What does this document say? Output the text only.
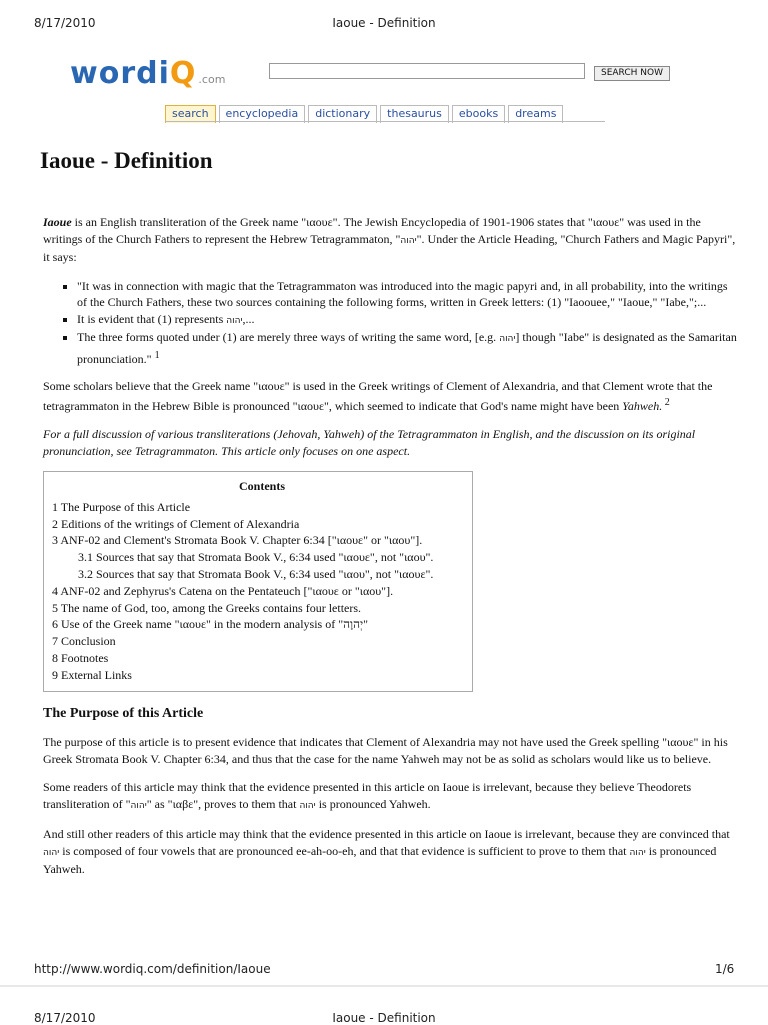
8/17/2010	Iaoue - Definition
wordiQ .com	SEARCH NOW
search	encyclopedia	dictionary	thesaurus	ebooks	dreams
Iaoue - Definition

Iaoue is an English transliteration of the Greek name "ιαουε". The Jewish Encyclopedia of 1901-1906 states that "ιαουε" was used in the writings of the Church Fathers to represent the Hebrew Tetragrammaton, "יהוה". Under the Article Heading, "Church Fathers and Magic Papyri", it says:

▪ "It was in connection with magic that the Tetragrammaton was introduced into the magic papyri and, in all probability, into the writings of the Church Fathers, these two sources containing the following forms, written in Greek letters: (1) "Iaoouee," "Iaoue," "Iabe,";...
▪ It is evident that (1) represents יהוה,...
▪ The three forms quoted under (1) are merely three ways of writing the same word, [e.g. יהוה] though "Iabe" is designated as the Samaritan pronunciation." $^1$

Some scholars believe that the Greek name "ιαουε" is used in the Greek writings of Clement of Alexandria, and that Clement wrote that the tetragrammaton in the Hebrew Bible is pronounced "ιαουε", which seemed to indicate that God's name might have been Yahweh. $^2$

For a full discussion of various transliterations (Jehovah, Yahweh) of the Tetragrammaton in English, and the discussion on its original pronunciation, see Tetragrammaton. This article only focuses on one aspect.

Contents
1 The Purpose of this Article
2 Editions of the writings of Clement of Alexandria
3 ANF-02 and Clement's Stromata Book V. Chapter 6:34 ["ιαουε" or "ιαου"].
3.1 Sources that say that Stromata Book V., 6:34 used "ιαουε", not "ιαου".
3.2 Sources that say that Stromata Book V., 6:34 used "ιαου", not "ιαουε".
4 ANF-02 and Zephyrus's Catena on the Pentateuch ["ιαουε or "ιαου"].
5 The name of God, too, among the Greeks contains four letters.
6 Use of the Greek name "ιαουε" in the modern analysis of "יְהוָה"
7 Conclusion
8 Footnotes
9 External Links
The Purpose of this Article

The purpose of this article is to present evidence that indicates that Clement of Alexandria may not have used the Greek spelling "ιαουε" in his Greek Stromata Book V. Chapter 6:34, and thus that the case for the name Yahweh may not be as solid as scholars would like us to believe.

Some readers of this article may think that the evidence presented in this article on Iaoue is irrelevant, because they believe Theodorets transliteration of "יהוה" as "ιαβε", proves to them that יהוה is pronounced Yahweh.

And still other readers of this article may think that the evidence presented in this article on Iaoue is irrelevant, because they are convinced that יהוה is composed of four vowels that are pronounced ee-ah-oo-eh, and that that evidence is sufficient to prove to them that יהוה is pronounced Yahweh.

http://www.wordiq.com/definition/Iaoue	1/6
8/17/2010	Iaoue - Definition
